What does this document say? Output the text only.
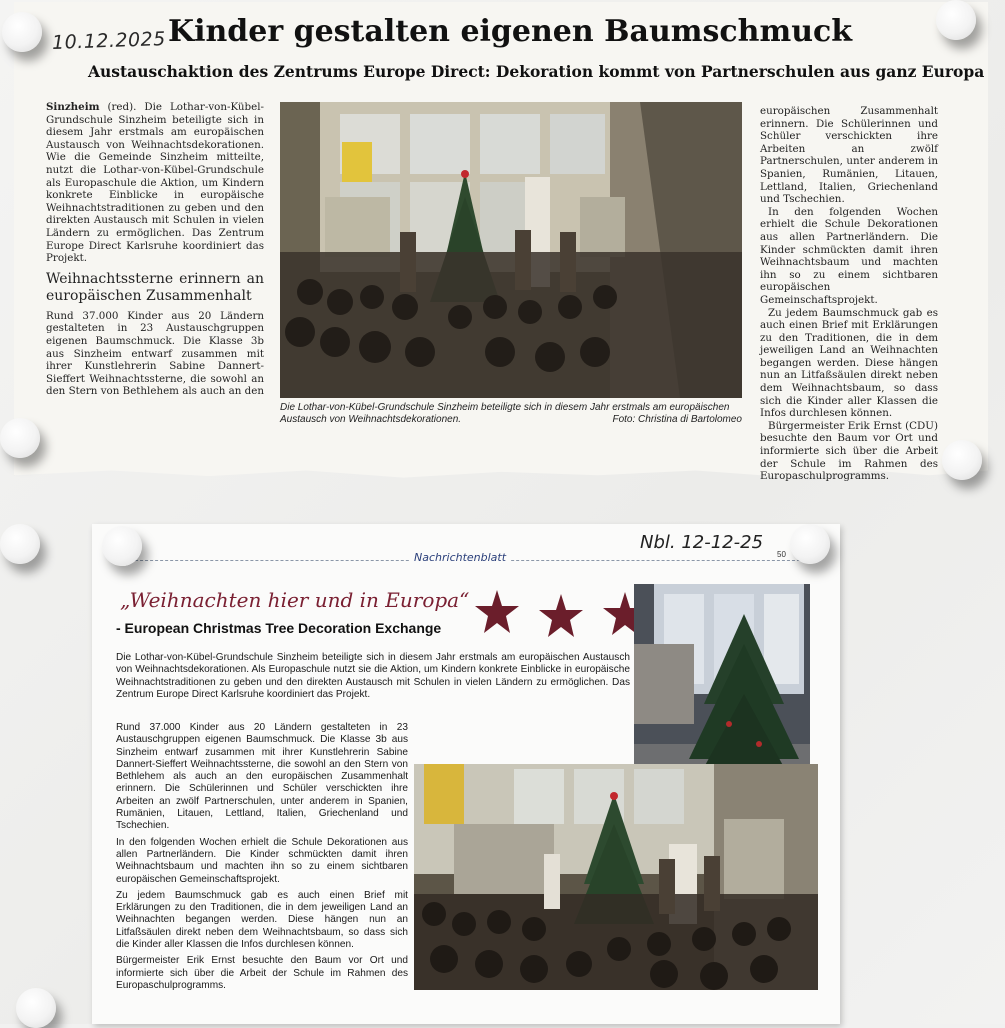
10.12.2025 Kinder gestalten eigenen Baumschmuck
Austauschaktion des Zentrums Europe Direct: Dekoration kommt von Partnerschulen aus ganz Europa

Sinzheim (red). Die Lothar-von-Kübel-Grundschule Sinzheim beteiligte sich in diesem Jahr erstmals am europäischen Austausch von Weihnachtsdekorationen. Wie die Gemeinde Sinzheim mitteilte, nutzt die Lothar-von-Kübel-Grundschule als Europaschule die Aktion, um Kindern konkrete Einblicke in europäische Weihnachtstraditionen zu geben und den direkten Austausch mit Schulen in vielen Ländern zu ermöglichen. Das Zentrum Europe Direct Karlsruhe koordiniert das Projekt.

Weihnachtssterne erinnern an europäischen Zusammenhalt

Rund 37.000 Kinder aus 20 Ländern gestalteten in 23 Austauschgruppen eigenen Baumschmuck. Die Klasse 3b aus Sinzheim entwarf zusammen mit ihrer Kunstlehrerin Sabine Dannert-Sieffert Weihnachtssterne, die sowohl an den Stern von Bethlehem als auch an den

Die Lothar-von-Kübel-Grundschule Sinzheim beteiligte sich in diesem Jahr erstmals am europäischen Austausch von Weihnachtsdekorationen.	Foto: Christina di Bartolomeo

europäischen Zusammenhalt erinnern. Die Schülerinnen und Schüler verschickten ihre Arbeiten an zwölf Partnerschulen, unter anderem in Spanien, Rumänien, Litauen, Lettland, Italien, Griechenland und Tschechien.

In den folgenden Wochen erhielt die Schule Dekorationen aus allen Partnerländern. Die Kinder schmückten damit ihren Weihnachtsbaum und machten ihn so zu einem sichtbaren europäischen Gemeinschaftsprojekt.

Zu jedem Baumschmuck gab es auch einen Brief mit Erklärungen zu den Traditionen, die in dem jeweiligen Land an Weihnachten begangen werden. Diese hängen nun an Litfaßsäulen direkt neben dem Weihnachtsbaum, so dass sich die Kinder aller Klassen die Infos durchlesen können.

Bürgermeister Erik Ernst (CDU) besuchte den Baum vor Ort und informierte sich über die Arbeit der Schule im Rahmen des Europaschulprogramms.

Nachrichtenblatt
Nbl. 12-12-25
50
„Weihnachten hier und in Europa“
- European Christmas Tree Decoration Exchange

Die Lothar-von-Kübel-Grundschule Sinzheim beteiligte sich in diesem Jahr erstmals am europäischen Austausch von Weihnachtsdekorationen. Als Europaschule nutzt sie die Aktion, um Kindern konkrete Einblicke in europäische Weihnachtstraditionen zu geben und den direkten Austausch mit Schulen in vielen Ländern zu ermöglichen. Das Zentrum Europe Direct Karlsruhe koordiniert das Projekt.

Rund 37.000 Kinder aus 20 Ländern gestalteten in 23 Austauschgruppen eigenen Baumschmuck. Die Klasse 3b aus Sinzheim entwarf zusammen mit ihrer Kunstlehrerin Sabine Dannert-Sieffert Weihnachtssterne, die sowohl an den Stern von Bethlehem als auch an den europäischen Zusammenhalt erinnern. Die Schülerinnen und Schüler verschickten ihre Arbeiten an zwölf Partnerschulen, unter anderem in Spanien, Rumänien, Litauen, Lettland, Italien, Griechenland und Tschechien.

In den folgenden Wochen erhielt die Schule Dekorationen aus allen Partnerländern. Die Kinder schmückten damit ihren Weihnachtsbaum und machten ihn so zu einem sichtbaren europäischen Gemeinschaftsprojekt.

Zu jedem Baumschmuck gab es auch einen Brief mit Erklärungen zu den Traditionen, die in dem jeweiligen Land an Weihnachten begangen werden. Diese hängen nun an Litfaßsäulen direkt neben dem Weihnachtsbaum, so dass sich die Kinder aller Klassen die Infos durchlesen können.

Bürgermeister Erik Ernst besuchte den Baum vor Ort und informierte sich über die Arbeit der Schule im Rahmen des Europaschulprogramms.
